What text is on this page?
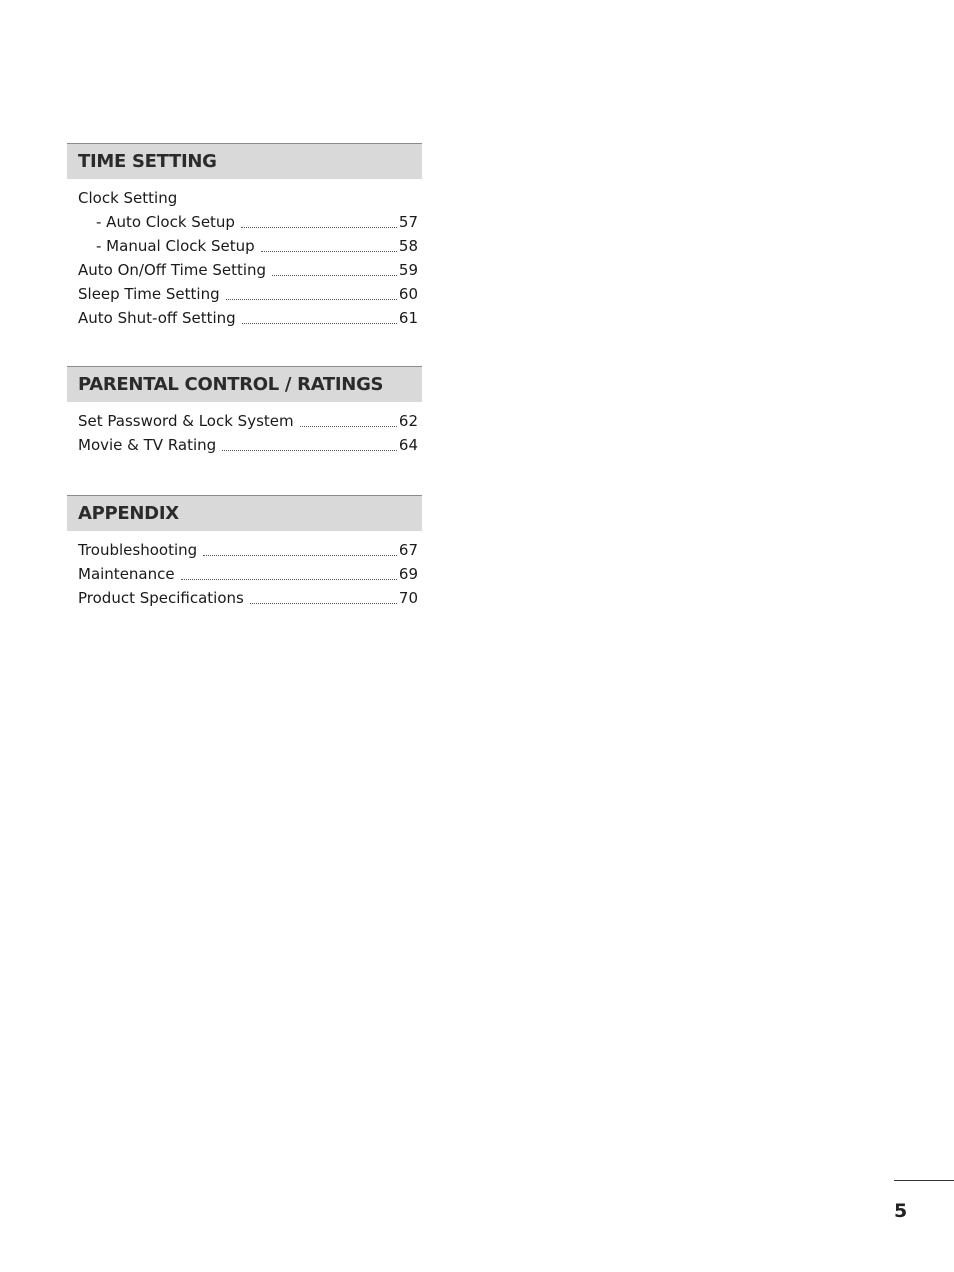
TIME SETTING
Clock Setting
- Auto Clock Setup	57
- Manual Clock Setup	58
Auto On/Off Time Setting	59
Sleep Time Setting	60
Auto Shut-off Setting	61
PARENTAL CONTROL / RATINGS
Set Password & Lock System	62
Movie & TV Rating	64
APPENDIX
Troubleshooting	67
Maintenance	69
Product Specifications	70
5
